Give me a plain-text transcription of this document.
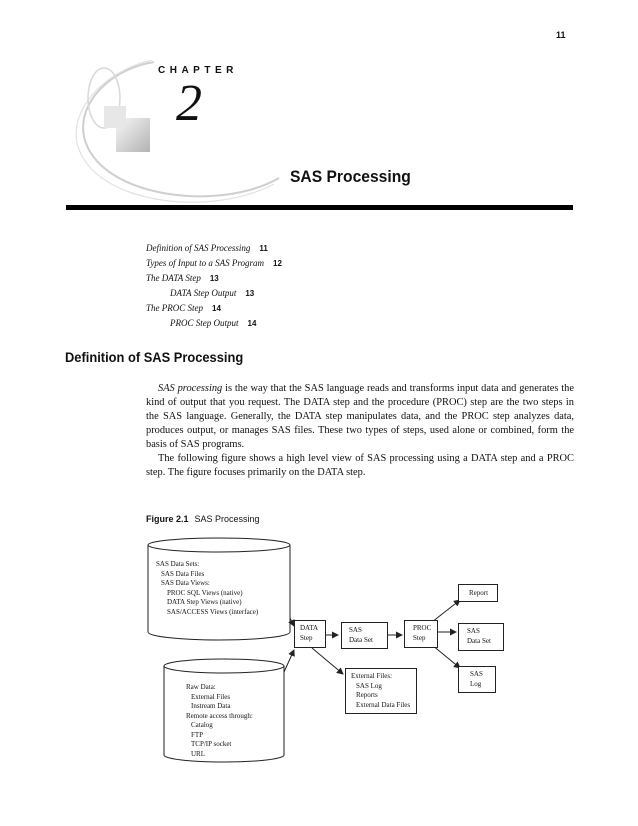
11
CHAPTER
2
SAS Processing
Definition of SAS Processing 11
Types of Input to a SAS Program 12
The DATA Step 13
DATA Step Output 13
The PROC Step 14
PROC Step Output 14
Definition of SAS Processing

SAS processing is the way that the SAS language reads and transforms input data and generates the kind of output that you request. The DATA step and the procedure (PROC) step are the two steps in the SAS language. Generally, the DATA step manipulates data, and the PROC step analyzes data, produces output, or manages SAS files. These two types of steps, used alone or combined, form the basis of SAS programs.

The following figure shows a high level view of SAS processing using a DATA step and a PROC step. The figure focuses primarily on the DATA step.

Figure 2.1 SAS Processing
SAS Data Sets:
SAS Data Files
SAS Data Views:
PROC SQL Views (native)
DATA Step Views (native)
SAS/ACCESS Views (interface)
Raw Data:
External Files
Instream Data
Remote access through:
Catalog
FTP
TCP/IP socket
URL
DATA
Step
SAS
Data Set
PROC
Step
Report
SAS
Data Set
SAS
Log
External Files:
SAS Log
Reports
External Data Files
